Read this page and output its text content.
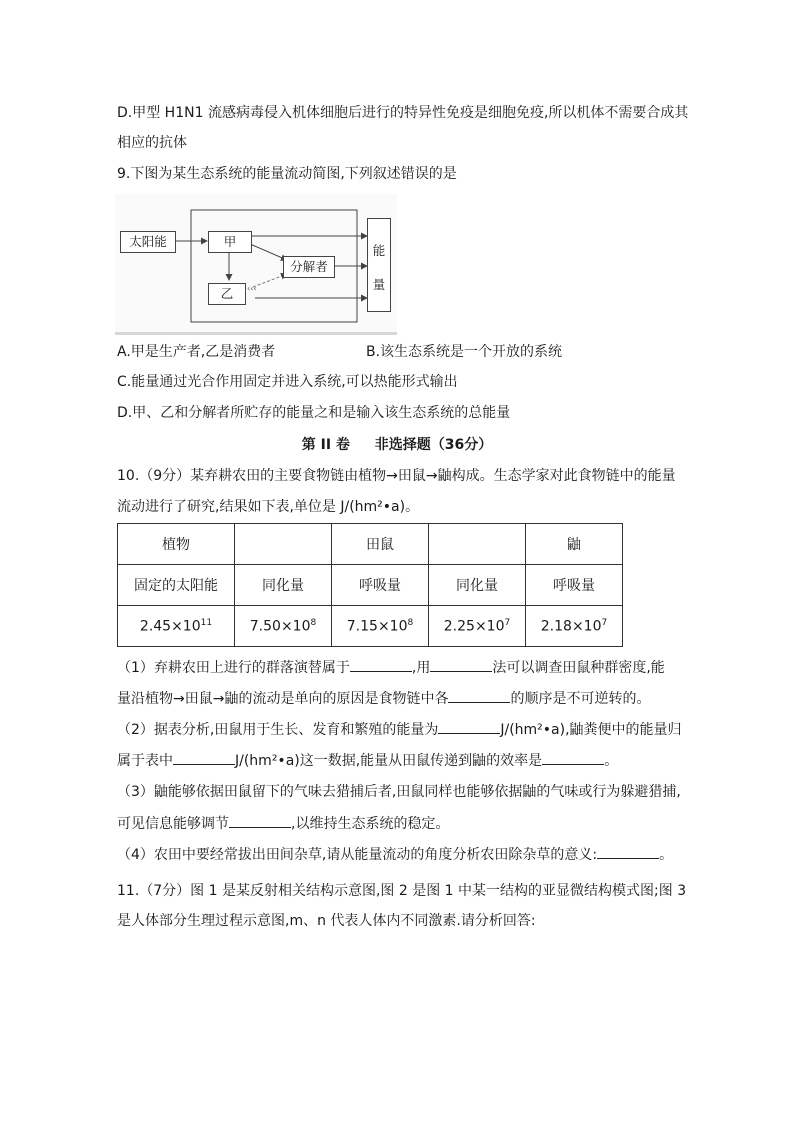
D.甲型 H1N1 流感病毒侵入机体细胞后进行的特异性免疫是细胞免疫,所以机体不需要合成其
相应的抗体
9.下图为某生态系统的能量流动简图,下列叙述错误的是
太阳能	甲
乙
分解者
能
量
‹‹‹
A.甲是生产者,乙是消费者	B.该生态系统是一个开放的系统
C.能量通过光合作用固定并进入系统,可以热能形式输出
D.甲、乙和分解者所贮存的能量之和是输入该生态系统的总能量
第 II 卷 非选择题（36分）
10.（9分）某弃耕农田的主要食物链由植物→田鼠→鼬构成。生态学家对此食物链中的能量
流动进行了研究,结果如下表,单位是 J/(hm²•a)。
植物		田鼠		鼬
固定的太阳能	同化量	呼吸量	同化量	呼吸量
$2.45\times 10^{11}$	$7.50\times 10^8$	$7.15\times 10^8$	$2.25\times 10^7$	$2.18\times 10^7$
（1）弃耕农田上进行的群落演替属于	,用	法可以调查田鼠种群密度,能
量沿植物→田鼠→鼬的流动是单向的原因是食物链中各	的顺序是不可逆转的。
（2）据表分析,田鼠用于生长、发育和繁殖的能量为	J/(hm²•a),鼬粪便中的能量归
属于表中	J/(hm²•a)这一数据,能量从田鼠传递到鼬的效率是	。
（3）鼬能够依据田鼠留下的气味去猎捕后者,田鼠同样也能够依据鼬的气味或行为躲避猎捕,
可见信息能够调节	,以维持生态系统的稳定。
（4）农田中要经常拔出田间杂草,请从能量流动的角度分析农田除杂草的意义:	。
11.（7分）图 1 是某反射相关结构示意图,图 2 是图 1 中某一结构的亚显微结构模式图;图 3
是人体部分生理过程示意图,m、n 代表人体内不同激素.请分析回答:
